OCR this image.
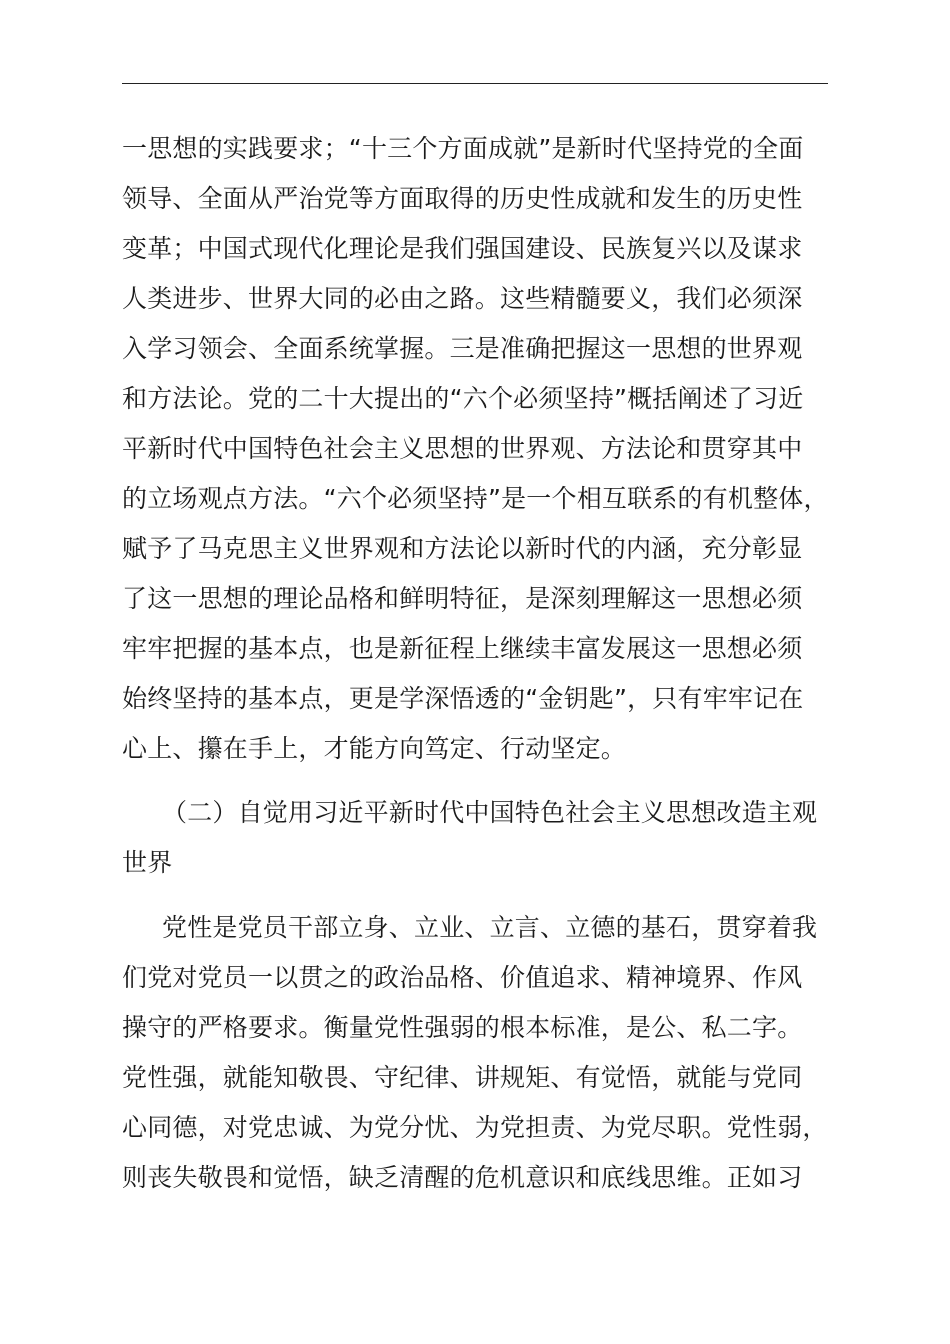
一思想的实践要求；“十三个方面成就”是新时代坚持党的全面
领导、全面从严治党等方面取得的历史性成就和发生的历史性
变革；中国式现代化理论是我们强国建设、民族复兴以及谋求
人类进步、世界大同的必由之路。这些精髓要义，我们必须深
入学习领会、全面系统掌握。三是准确把握这一思想的世界观
和方法论。党的二十大提出的“六个必须坚持”概括阐述了习近
平新时代中国特色社会主义思想的世界观、方法论和贯穿其中
的立场观点方法。“六个必须坚持”是一个相互联系的有机整体，
赋予了马克思主义世界观和方法论以新时代的内涵，充分彰显
了这一思想的理论品格和鲜明特征，是深刻理解这一思想必须
牢牢把握的基本点，也是新征程上继续丰富发展这一思想必须
始终坚持的基本点，更是学深悟透的“金钥匙”，只有牢牢记在
心上、攥在手上，才能方向笃定、行动坚定。
（二）自觉用习近平新时代中国特色社会主义思想改造主观
世界
党性是党员干部立身、立业、立言、立德的基石，贯穿着我
们党对党员一以贯之的政治品格、价值追求、精神境界、作风
操守的严格要求。衡量党性强弱的根本标准，是公、私二字。
党性强，就能知敬畏、守纪律、讲规矩、有觉悟，就能与党同
心同德，对党忠诚、为党分忧、为党担责、为党尽职。党性弱，
则丧失敬畏和觉悟，缺乏清醒的危机意识和底线思维。正如习
